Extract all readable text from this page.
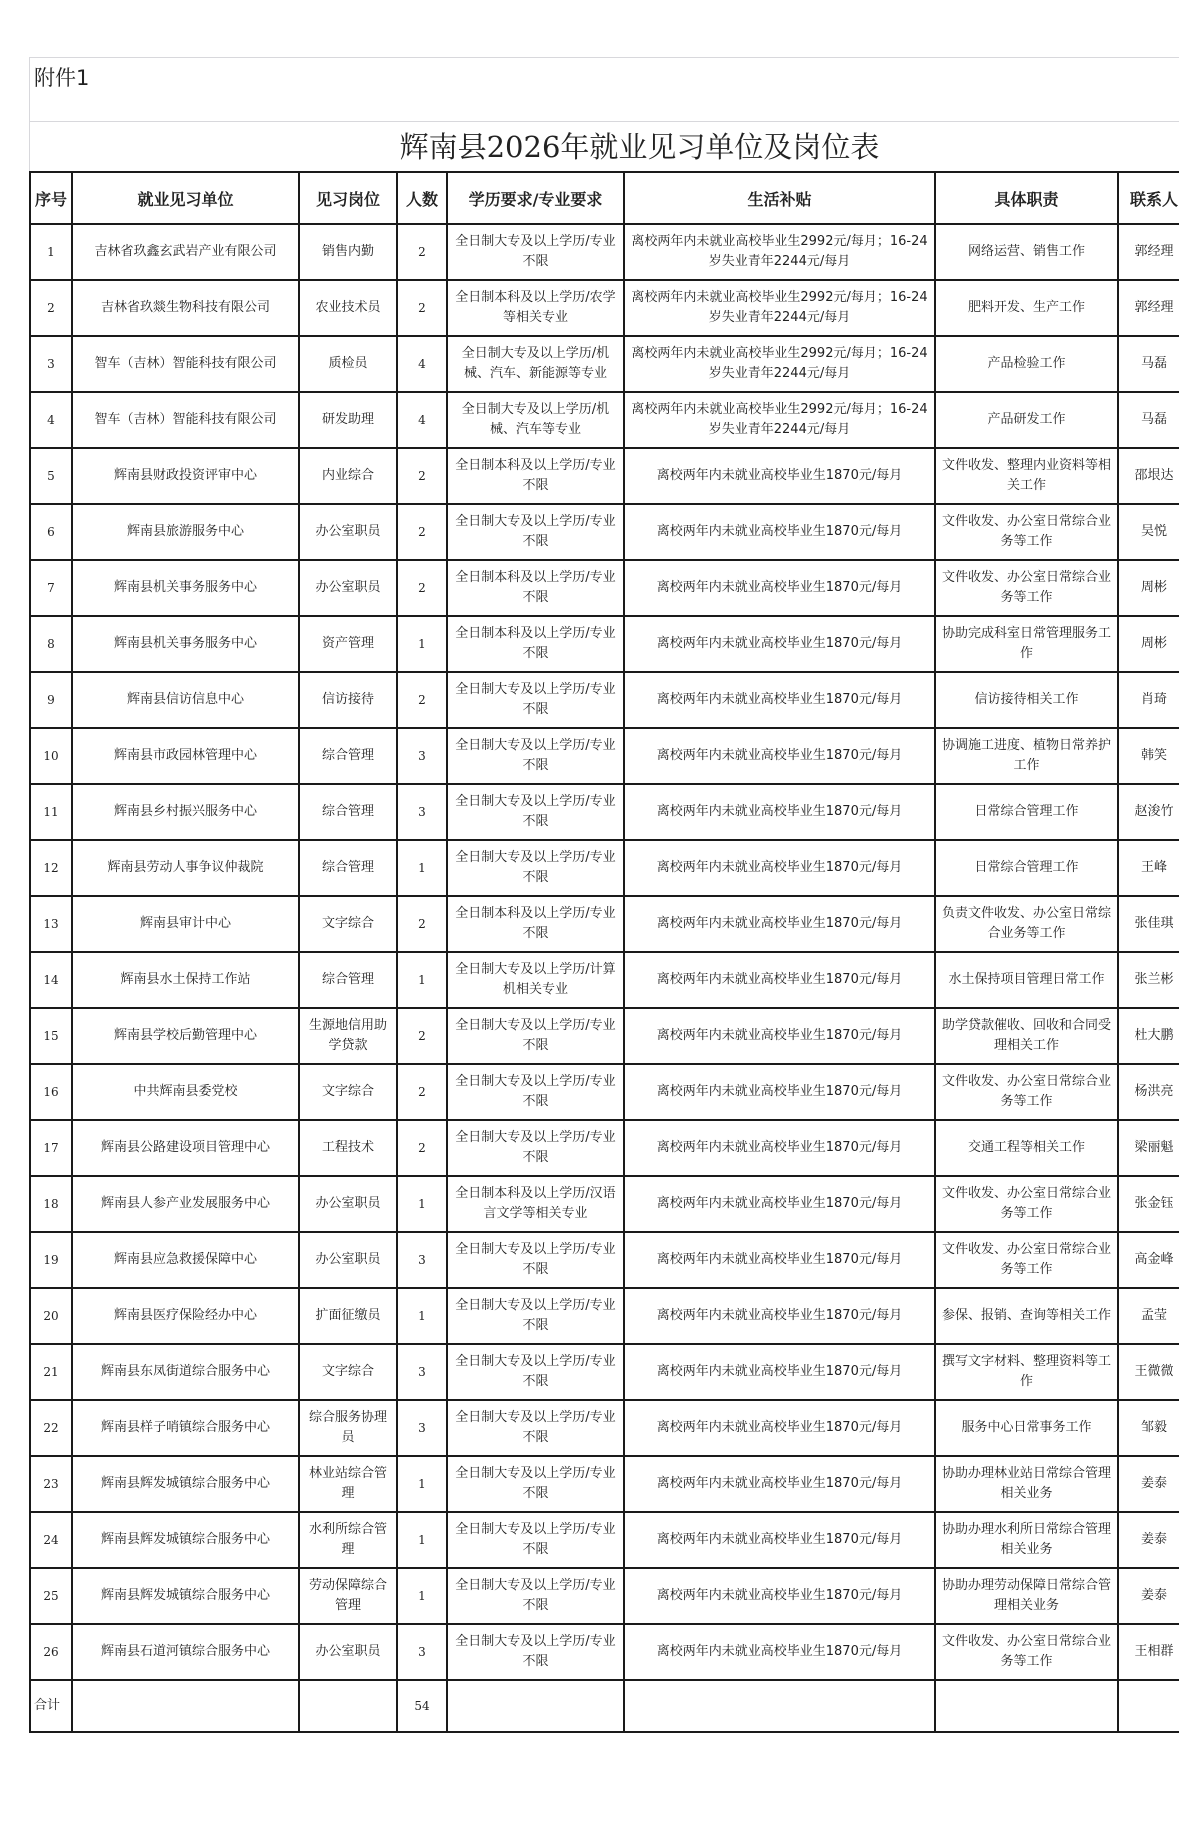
附件1
辉南县2026年就业见习单位及岗位表
序号	就业见习单位	见习岗位	人数	学历要求/专业要求	生活补贴	具体职责	联系人
1	吉林省玖鑫玄武岩产业有限公司	销售内勤	2	全日制大专及以上学历/专业不限	离校两年内未就业高校毕业生2992元/每月；16-24岁失业青年2244元/每月	网络运营、销售工作	郭经理
2	吉林省玖燚生物科技有限公司	农业技术员	2	全日制本科及以上学历/农学等相关专业	离校两年内未就业高校毕业生2992元/每月；16-24岁失业青年2244元/每月	肥料开发、生产工作	郭经理
3	智车（吉林）智能科技有限公司	质检员	4	全日制大专及以上学历/机械、汽车、新能源等专业	离校两年内未就业高校毕业生2992元/每月；16-24岁失业青年2244元/每月	产品检验工作	马磊
4	智车（吉林）智能科技有限公司	研发助理	4	全日制大专及以上学历/机械、汽车等专业	离校两年内未就业高校毕业生2992元/每月；16-24岁失业青年2244元/每月	产品研发工作	马磊
5	辉南县财政投资评审中心	内业综合	2	全日制本科及以上学历/专业不限	离校两年内未就业高校毕业生1870元/每月	文件收发、整理内业资料等相关工作	邵垠达
6	辉南县旅游服务中心	办公室职员	2	全日制大专及以上学历/专业不限	离校两年内未就业高校毕业生1870元/每月	文件收发、办公室日常综合业务等工作	吴悦
7	辉南县机关事务服务中心	办公室职员	2	全日制本科及以上学历/专业不限	离校两年内未就业高校毕业生1870元/每月	文件收发、办公室日常综合业务等工作	周彬
8	辉南县机关事务服务中心	资产管理	1	全日制本科及以上学历/专业不限	离校两年内未就业高校毕业生1870元/每月	协助完成科室日常管理服务工作	周彬
9	辉南县信访信息中心	信访接待	2	全日制大专及以上学历/专业不限	离校两年内未就业高校毕业生1870元/每月	信访接待相关工作	肖琦
10	辉南县市政园林管理中心	综合管理	3	全日制大专及以上学历/专业不限	离校两年内未就业高校毕业生1870元/每月	协调施工进度、植物日常养护工作	韩笑
11	辉南县乡村振兴服务中心	综合管理	3	全日制大专及以上学历/专业不限	离校两年内未就业高校毕业生1870元/每月	日常综合管理工作	赵浚竹
12	辉南县劳动人事争议仲裁院	综合管理	1	全日制大专及以上学历/专业不限	离校两年内未就业高校毕业生1870元/每月	日常综合管理工作	王峰
13	辉南县审计中心	文字综合	2	全日制本科及以上学历/专业不限	离校两年内未就业高校毕业生1870元/每月	负责文件收发、办公室日常综合业务等工作	张佳琪
14	辉南县水土保持工作站	综合管理	1	全日制大专及以上学历/计算机相关专业	离校两年内未就业高校毕业生1870元/每月	水土保持项目管理日常工作	张兰彬
15	辉南县学校后勤管理中心	生源地信用助学贷款	2	全日制大专及以上学历/专业不限	离校两年内未就业高校毕业生1870元/每月	助学贷款催收、回收和合同受理相关工作	杜大鹏
16	中共辉南县委党校	文字综合	2	全日制大专及以上学历/专业不限	离校两年内未就业高校毕业生1870元/每月	文件收发、办公室日常综合业务等工作	杨洪亮
17	辉南县公路建设项目管理中心	工程技术	2	全日制大专及以上学历/专业不限	离校两年内未就业高校毕业生1870元/每月	交通工程等相关工作	梁丽魁
18	辉南县人参产业发展服务中心	办公室职员	1	全日制本科及以上学历/汉语言文学等相关专业	离校两年内未就业高校毕业生1870元/每月	文件收发、办公室日常综合业务等工作	张金钰
19	辉南县应急救援保障中心	办公室职员	3	全日制大专及以上学历/专业不限	离校两年内未就业高校毕业生1870元/每月	文件收发、办公室日常综合业务等工作	高金峰
20	辉南县医疗保险经办中心	扩面征缴员	1	全日制大专及以上学历/专业不限	离校两年内未就业高校毕业生1870元/每月	参保、报销、查询等相关工作	孟莹
21	辉南县东凤街道综合服务中心	文字综合	3	全日制大专及以上学历/专业不限	离校两年内未就业高校毕业生1870元/每月	撰写文字材料、整理资料等工作	王微微
22	辉南县样子哨镇综合服务中心	综合服务协理员	3	全日制大专及以上学历/专业不限	离校两年内未就业高校毕业生1870元/每月	服务中心日常事务工作	邹毅
23	辉南县辉发城镇综合服务中心	林业站综合管理	1	全日制大专及以上学历/专业不限	离校两年内未就业高校毕业生1870元/每月	协助办理林业站日常综合管理相关业务	姜泰
24	辉南县辉发城镇综合服务中心	水利所综合管理	1	全日制大专及以上学历/专业不限	离校两年内未就业高校毕业生1870元/每月	协助办理水利所日常综合管理相关业务	姜泰
25	辉南县辉发城镇综合服务中心	劳动保障综合管理	1	全日制大专及以上学历/专业不限	离校两年内未就业高校毕业生1870元/每月	协助办理劳动保障日常综合管理相关业务	姜泰
26	辉南县石道河镇综合服务中心	办公室职员	3	全日制大专及以上学历/专业不限	离校两年内未就业高校毕业生1870元/每月	文件收发、办公室日常综合业务等工作	王相群
合计			54				
